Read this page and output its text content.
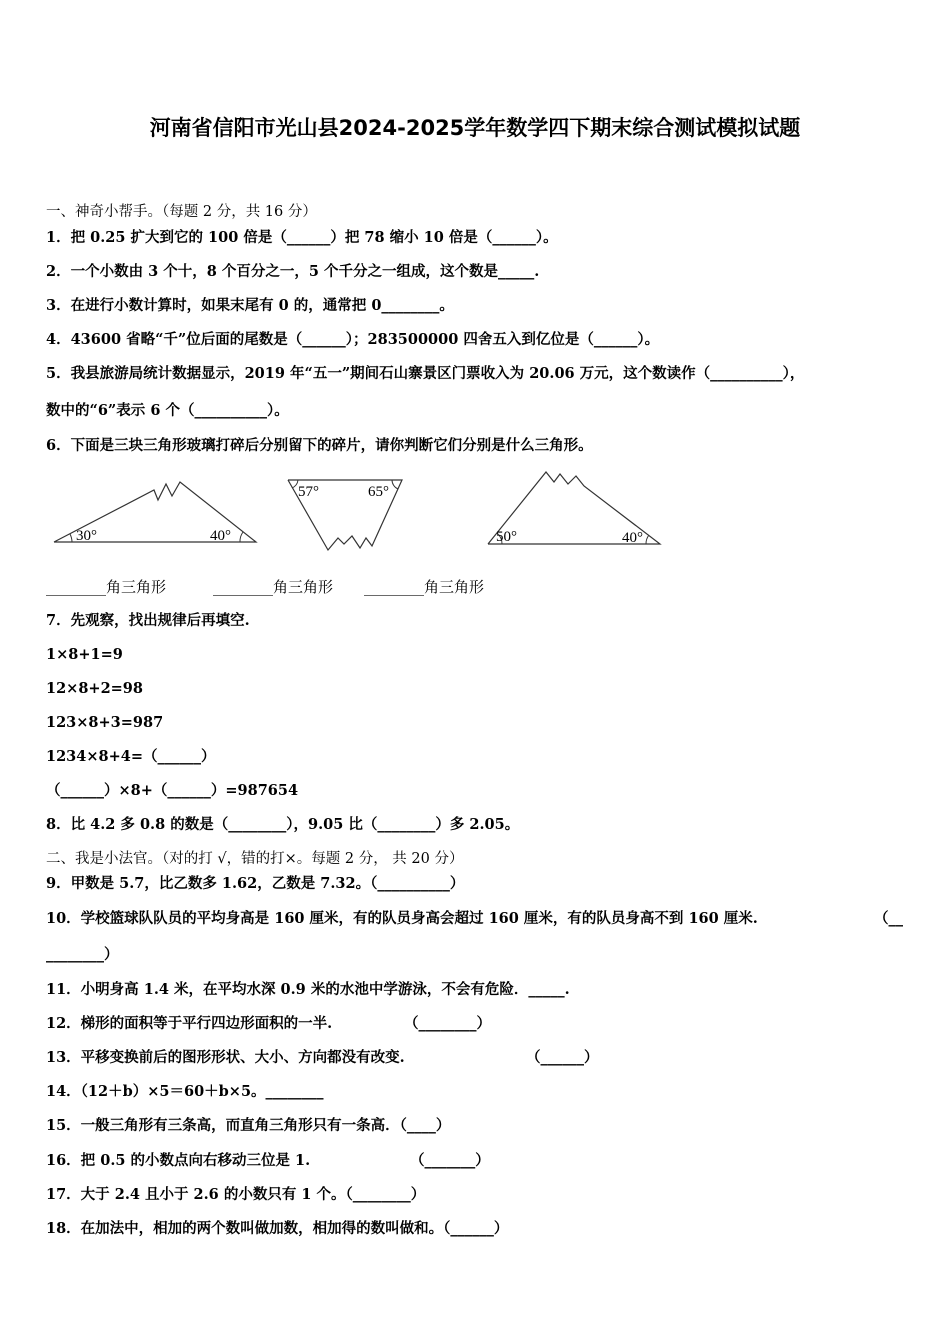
河南省信阳市光山县2024-2025学年数学四下期末综合测试模拟试题
一、神奇小帮手。（每题 2 分，共 16 分）
1．把 0.25 扩大到它的 100 倍是（______）把 78 缩小 10 倍是（______）。
2．一个小数由 3 个十，8 个百分之一，5 个千分之一组成，这个数是_____.
3．在进行小数计算时，如果末尾有 0 的，通常把 0________。
4．43600 省略“千”位后面的尾数是（______）；283500000 四舍五入到亿位是（______）。
5．我县旅游局统计数据显示，2019 年“五一”期间石山寨景区门票收入为 20.06 万元，这个数读作（__________），
数中的“6”表示 6 个（__________）。
6．下面是三块三角形玻璃打碎后分别留下的碎片，请你判断它们分别是什么三角形。
30°	40°
57°	65°
50°	40°
________角三角形	________角三角形 ________角三角形
7．先观察，找出规律后再填空.
1×8+1=9
12×8+2=98
123×8+3=987
1234×8+4=（______）
（______）×8+（______）=987654
8．比 4.2 多 0.8 的数是（________），9.05 比（________）多 2.05。
二、我是小法官。（对的打 √，错的打×。每题 2 分， 共 20 分）
9．甲数是 5.7，比乙数多 1.62，乙数是 7.32。（__________）
10．学校篮球队队员的平均身高是 160 厘米，有的队员身高会超过 160 厘米，有的队员身高不到 160 厘米.	（__
________）
11．小明身高 1.4 米，在平均水深 0.9 米的水池中学游泳，不会有危险．_____.
12．梯形的面积等于平行四边形面积的一半.	（________）
13．平移变换前后的图形形状、大小、方向都没有改变.	（______）
14．（12＋b）×5＝60＋b×5。________
15．一般三角形有三条高，而直角三角形只有一条高．（____）
16．把 0.5 的小数点向右移动三位是 1.	（_______）
17．大于 2.4 且小于 2.6 的小数只有 1 个。（________）
18．在加法中，相加的两个数叫做加数，相加得的数叫做和。（______）
